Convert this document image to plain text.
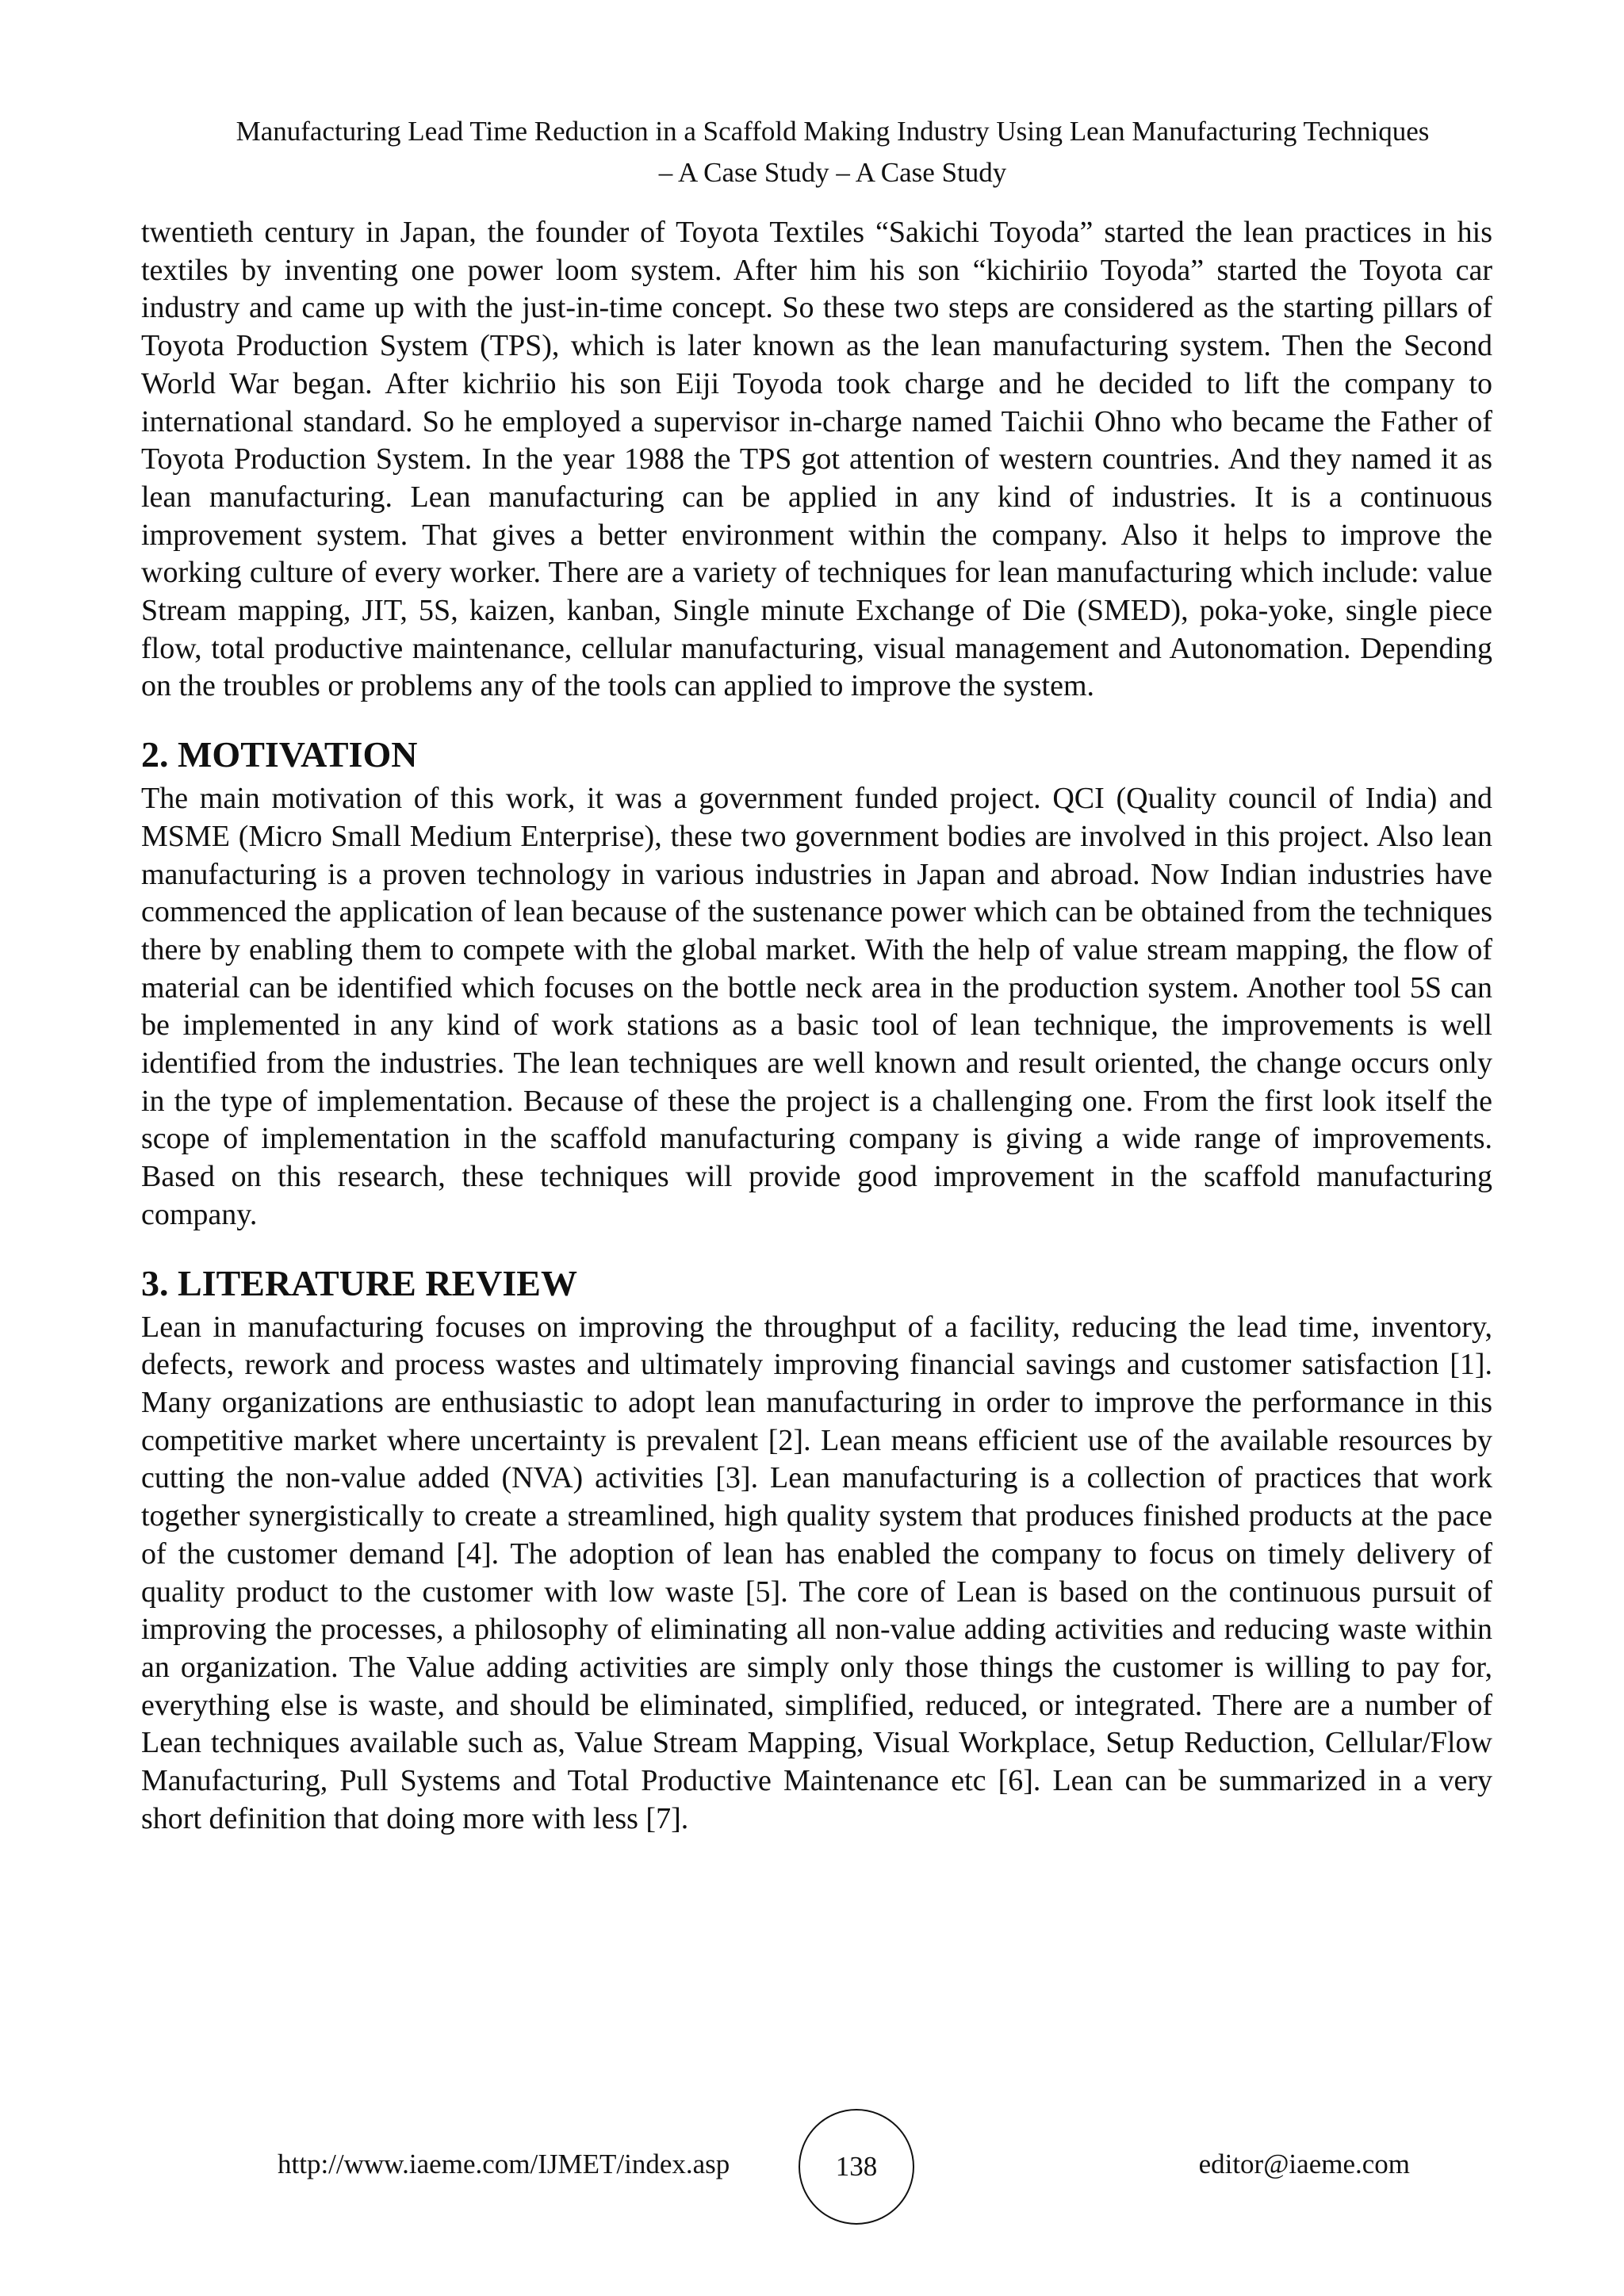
Manufacturing Lead Time Reduction in a Scaffold Making Industry Using Lean Manufacturing Techniques
– A Case Study – A Case Study

twentieth century in Japan, the founder of Toyota Textiles “Sakichi Toyoda” started the lean practices in his textiles by inventing one power loom system. After him his son “kichiriio Toyoda” started the Toyota car industry and came up with the just-in-time concept. So these two steps are considered as the starting pillars of Toyota Production System (TPS), which is later known as the lean manufacturing system. Then the Second World War began. After kichriio his son Eiji Toyoda took charge and he decided to lift the company to international standard. So he employed a supervisor in-charge named Taichii Ohno who became the Father of Toyota Production System. In the year 1988 the TPS got attention of western countries. And they named it as lean manufacturing. Lean manufacturing can be applied in any kind of industries. It is a continuous improvement system. That gives a better environment within the company. Also it helps to improve the working culture of every worker. There are a variety of techniques for lean manufacturing which include: value Stream mapping, JIT, 5S, kaizen, kanban, Single minute Exchange of Die (SMED), poka-yoke, single piece flow, total productive maintenance, cellular manufacturing, visual management and Autonomation. Depending on the troubles or problems any of the tools can applied to improve the system.

2. MOTIVATION

The main motivation of this work, it was a government funded project. QCI (Quality council of India) and MSME (Micro Small Medium Enterprise), these two government bodies are involved in this project. Also lean manufacturing is a proven technology in various industries in Japan and abroad. Now Indian industries have commenced the application of lean because of the sustenance power which can be obtained from the techniques there by enabling them to compete with the global market. With the help of value stream mapping, the flow of material can be identified which focuses on the bottle neck area in the production system. Another tool 5S can be implemented in any kind of work stations as a basic tool of lean technique, the improvements is well identified from the industries. The lean techniques are well known and result oriented, the change occurs only in the type of implementation. Because of these the project is a challenging one. From the first look itself the scope of implementation in the scaffold manufacturing company is giving a wide range of improvements. Based on this research, these techniques will provide good improvement in the scaffold manufacturing company.

3. LITERATURE REVIEW

Lean in manufacturing focuses on improving the throughput of a facility, reducing the lead time, inventory, defects, rework and process wastes and ultimately improving financial savings and customer satisfaction [1]. Many organizations are enthusiastic to adopt lean manufacturing in order to improve the performance in this competitive market where uncertainty is prevalent [2]. Lean means efficient use of the available resources by cutting the non-value added (NVA) activities [3]. Lean manufacturing is a collection of practices that work together synergistically to create a streamlined, high quality system that produces finished products at the pace of the customer demand [4]. The adoption of lean has enabled the company to focus on timely delivery of quality product to the customer with low waste [5]. The core of Lean is based on the continuous pursuit of improving the processes, a philosophy of eliminating all non-value adding activities and reducing waste within an organization. The Value adding activities are simply only those things the customer is willing to pay for, everything else is waste, and should be eliminated, simplified, reduced, or integrated. There are a number of Lean techniques available such as, Value Stream Mapping, Visual Workplace, Setup Reduction, Cellular/Flow Manufacturing, Pull Systems and Total Productive Maintenance etc [6]. Lean can be summarized in a very short definition that doing more with less [7].

http://www.iaeme.com/IJMET/index.asp	138	editor@iaeme.com
